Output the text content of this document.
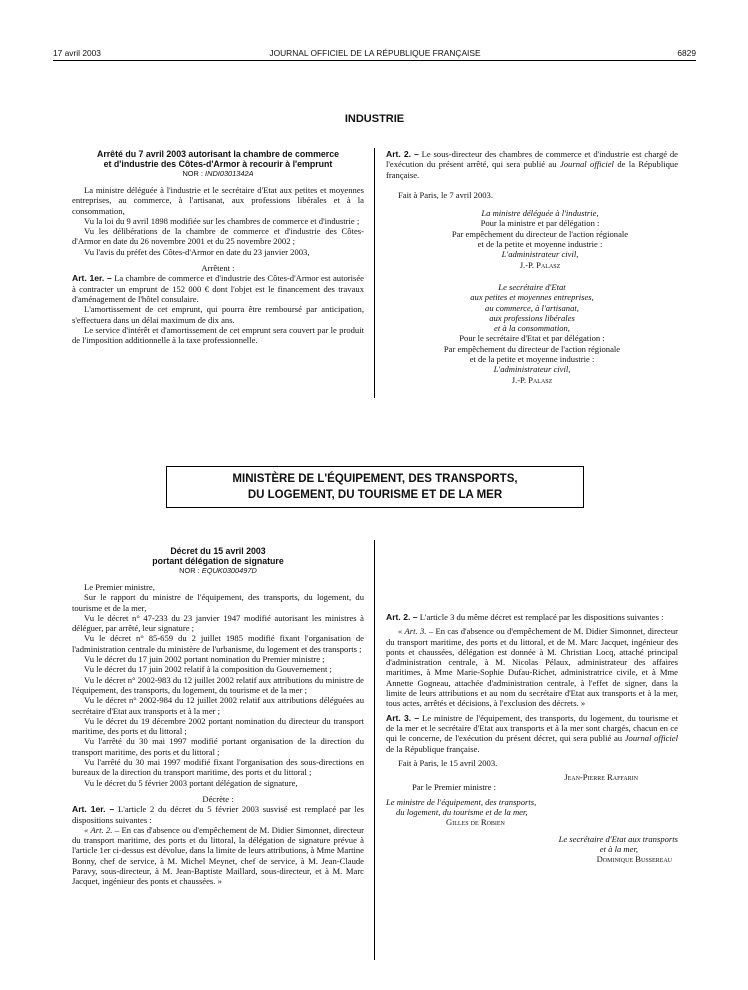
17 avril 2003	JOURNAL OFFICIEL DE LA RÉPUBLIQUE FRANÇAISE	6829
INDUSTRIE
Arrêté du 7 avril 2003 autorisant la chambre de commerce
et d'industrie des Côtes-d'Armor à recourir à l'emprunt
NOR : INDI0301342A

La ministre déléguée à l'industrie et le secrétaire d'Etat aux petites et moyennes entreprises, au commerce, à l'artisanat, aux professions libérales et à la consommation,

Vu la loi du 9 avril 1898 modifiée sur les chambres de commerce et d'industrie ;

Vu les délibérations de la chambre de commerce et d'industrie des Côtes-d'Armor en date du 26 novembre 2001 et du 25 novembre 2002 ;

Vu l'avis du préfet des Côtes-d'Armor en date du 23 janvier 2003,

Arrêtent :

Art. 1er. – La chambre de commerce et d'industrie des Côtes-d'Armor est autorisée à contracter un emprunt de 152 000 € dont l'objet est le financement des travaux d'aménagement de l'hôtel consulaire.

L'amortissement de cet emprunt, qui pourra être remboursé par anticipation, s'effectuera dans un délai maximum de dix ans.

Le service d'intérêt et d'amortissement de cet emprunt sera couvert par le produit de l'imposition additionnelle à la taxe professionnelle.

Art. 2. – Le sous-directeur des chambres de commerce et d'industrie est chargé de l'exécution du présent arrêté, qui sera publié au Journal officiel de la République française.

Fait à Paris, le 7 avril 2003.

La ministre déléguée à l'industrie,
Pour la ministre et par délégation :
Par empêchement du directeur de l'action régionale
et de la petite et moyenne industrie :
L'administrateur civil,
J.-P. Palasz
Le secrétaire d'Etat
aux petites et moyennes entreprises,
au commerce, à l'artisanat,
aux professions libérales
et à la consommation,
Pour le secrétaire d'Etat et par délégation :
Par empêchement du directeur de l'action régionale
et de la petite et moyenne industrie :
L'administrateur civil,
J.-P. Palasz
MINISTÈRE DE L'ÉQUIPEMENT, DES TRANSPORTS,
DU LOGEMENT, DU TOURISME ET DE LA MER
Décret du 15 avril 2003
portant délégation de signature
NOR : EQUK0300497D

Le Premier ministre,

Sur le rapport du ministre de l'équipement, des transports, du logement, du tourisme et de la mer,

Vu le décret n° 47-233 du 23 janvier 1947 modifié autorisant les ministres à déléguer, par arrêté, leur signature ;

Vu le décret n° 85-659 du 2 juillet 1985 modifié fixant l'organisation de l'administration centrale du ministère de l'urbanisme, du logement et des transports ;

Vu le décret du 17 juin 2002 portant nomination du Premier ministre ;

Vu le décret du 17 juin 2002 relatif à la composition du Gouvernement ;

Vu le décret n° 2002-983 du 12 juillet 2002 relatif aux attributions du ministre de l'équipement, des transports, du logement, du tourisme et de la mer ;

Vu le décret n° 2002-984 du 12 juillet 2002 relatif aux attributions déléguées au secrétaire d'Etat aux transports et à la mer ;

Vu le décret du 19 décembre 2002 portant nomination du directeur du transport maritime, des ports et du littoral ;

Vu l'arrêté du 30 mai 1997 modifié portant organisation de la direction du transport maritime, des ports et du littoral ;

Vu l'arrêté du 30 mai 1997 modifié fixant l'organisation des sous-directions en bureaux de la direction du transport maritime, des ports et du littoral ;

Vu le décret du 5 février 2003 portant délégation de signature,

Décrète :

Art. 1er. – L'article 2 du décret du 5 février 2003 susvisé est remplacé par les dispositions suivantes :

« Art. 2. – En cas d'absence ou d'empêchement de M. Didier Simonnet, directeur du transport maritime, des ports et du littoral, la délégation de signature prévue à l'article 1er ci-dessus est dévolue, dans la limite de leurs attributions, à Mme Martine Bonny, chef de service, à M. Michel Meynet, chef de service, à M. Jean-Claude Paravy, sous-directeur, à M. Jean-Baptiste Maillard, sous-directeur, et à M. Marc Jacquet, ingénieur des ponts et chaussées. »

Art. 2. – L'article 3 du même décret est remplacé par les dispositions suivantes :

« Art. 3. – En cas d'absence ou d'empêchement de M. Didier Simonnet, directeur du transport maritime, des ports et du littoral, et de M. Marc Jacquet, ingénieur des ponts et chaussées, délégation est donnée à M. Christian Locq, attaché principal d'administration centrale, à M. Nicolas Pélaux, administrateur des affaires maritimes, à Mme Marie-Sophie Dufau-Richet, administratrice civile, et à Mme Annette Gogneau, attachée d'administration centrale, à l'effet de signer, dans la limite de leurs attributions et au nom du secrétaire d'Etat aux transports et à la mer, tous actes, arrêtés et décisions, à l'exclusion des décrets. »

Art. 3. – Le ministre de l'équipement, des transports, du logement, du tourisme et de la mer et le secrétaire d'Etat aux transports et à la mer sont chargés, chacun en ce qui le concerne, de l'exécution du présent décret, qui sera publié au Journal officiel de la République française.

Fait à Paris, le 15 avril 2003.

Jean-Pierre Raffarin

Par le Premier ministre :

Le ministre de l'équipement, des transports,
du logement, du tourisme et de la mer,
Gilles de Robien
Le secrétaire d'Etat aux transports
et à la mer,
Dominique Bussereau
